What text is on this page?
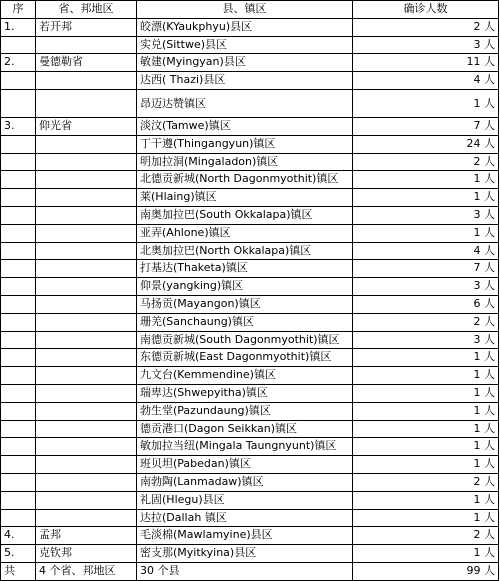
序	省、邦地区	县、镇区	确诊人数
1.	若开邦	皎漂(KYaukphyu)县区	2 人
		实兑(Sittwe)县区	3 人
2.	曼德勒省	敏建(Myingyan)县区	11 人
		达西( Thazi)县区	4 人
		昂迈达赞镇区	1 人
3.	仰光省	淡汶(Tamwe)镇区	7 人
		丁干遵(Thingangyun)镇区	24 人
		明加拉洞(Mingaladon)镇区	2 人
		北德贡新城(North Dagonmyothit)镇区	1 人
		莱(Hlaing)镇区	1 人
		南奥加拉巴(South Okkalapa)镇区	3 人
		亚弄(Ahlone)镇区	1 人
		北奥加拉巴(North Okkalapa)镇区	4 人
		打基达(Thaketa)镇区	7 人
		仰景(yangking)镇区	3 人
		马扬贡(Mayangon)镇区	6 人
		珊羌(Sanchaung)镇区	2 人
		南德贡新城(South Dagonmyothit)镇区	3 人
		东德贡新城(East Dagonmyothit)镇区	1 人
		九文台(Kemmendine)镇区	1 人
		瑞卑达(Shwepyitha)镇区	1 人
		勃生堂(Pazundaung)镇区	1 人
		德贡港口(Dagon Seikkan)镇区	1 人
		敏加拉当纽(Mingala Taungnyunt)镇区	1 人
		班贝坦(Pabedan)镇区	1 人
		南勃陶(Lanmadaw)镇区	2 人
		礼固(Hlegu)县区	1 人
		达拉(Dallah 镇区	1 人
4.	孟邦	毛淡棉(Mawlamyine)县区	2 人
5.	克钦邦	密支那(Myitkyina)县区	1 人
共	4 个省、邦地区	30 个县	99 人
